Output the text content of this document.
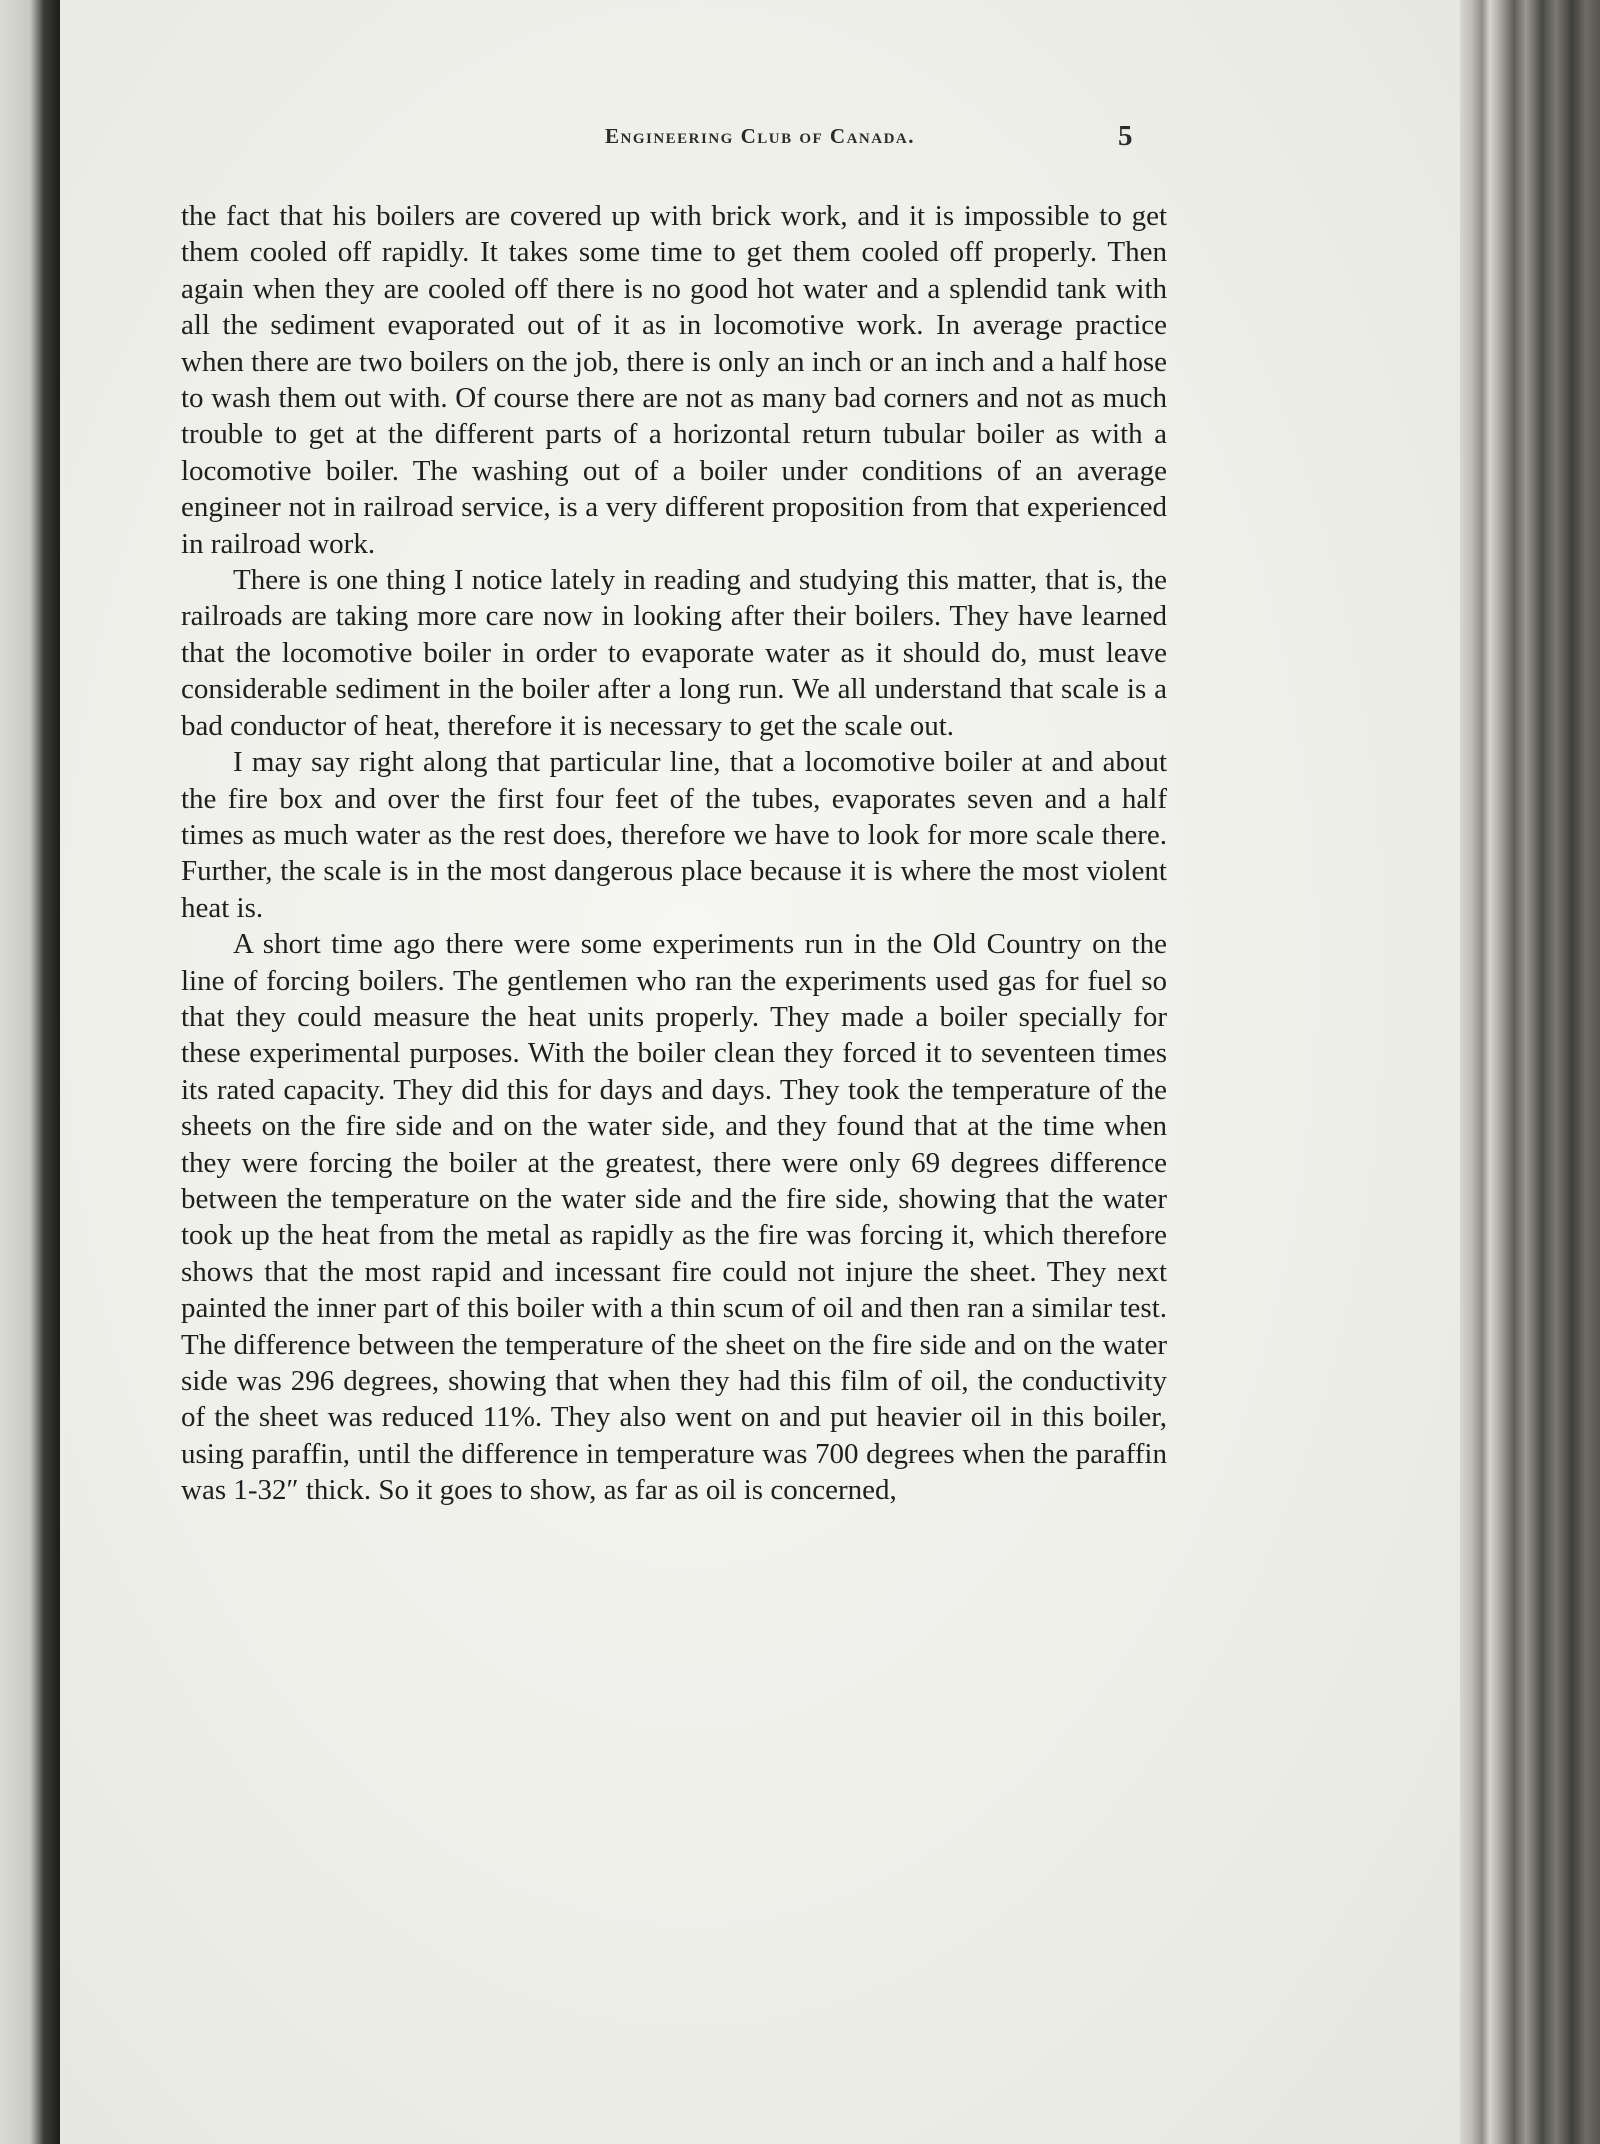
Engineering Club of Canada.	5

the fact that his boilers are covered up with brick work, and it is impossible to get them cooled off rapidly. It takes some time to get them cooled off properly. Then again when they are cooled off there is no good hot water and a splendid tank with all the sediment evaporated out of it as in locomotive work. In average practice when there are two boilers on the job, there is only an inch or an inch and a half hose to wash them out with. Of course there are not as many bad corners and not as much trouble to get at the different parts of a horizontal return tubular boiler as with a locomotive boiler. The washing out of a boiler under conditions of an average engineer not in railroad service, is a very different proposition from that experienced in railroad work.

There is one thing I notice lately in reading and studying this matter, that is, the railroads are taking more care now in looking after their boilers. They have learned that the locomotive boiler in order to evaporate water as it should do, must leave considerable sediment in the boiler after a long run. We all understand that scale is a bad conductor of heat, therefore it is necessary to get the scale out.

I may say right along that particular line, that a locomotive boiler at and about the fire box and over the first four feet of the tubes, evaporates seven and a half times as much water as the rest does, therefore we have to look for more scale there. Further, the scale is in the most dangerous place because it is where the most violent heat is.

A short time ago there were some experiments run in the Old Country on the line of forcing boilers. The gentlemen who ran the experiments used gas for fuel so that they could measure the heat units properly. They made a boiler specially for these experimental purposes. With the boiler clean they forced it to seventeen times its rated capacity. They did this for days and days. They took the temperature of the sheets on the fire side and on the water side, and they found that at the time when they were forcing the boiler at the greatest, there were only 69 degrees difference between the temperature on the water side and the fire side, showing that the water took up the heat from the metal as rapidly as the fire was forcing it, which therefore shows that the most rapid and incessant fire could not injure the sheet. They next painted the inner part of this boiler with a thin scum of oil and then ran a similar test. The difference between the temperature of the sheet on the fire side and on the water side was 296 degrees, showing that when they had this film of oil, the conductivity of the sheet was reduced 11%. They also went on and put heavier oil in this boiler, using paraffin, until the difference in temperature was 700 degrees when the paraffin was 1-32″ thick. So it goes to show, as far as oil is concerned,
